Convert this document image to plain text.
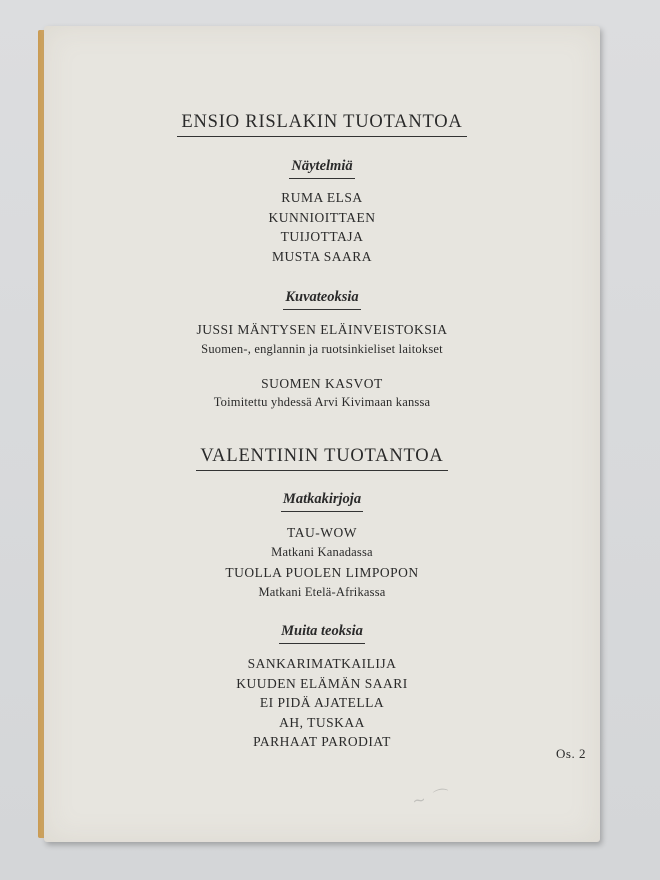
ENSIO RISLAKIN TUOTANTOA
Näytelmiä
RUMA ELSA
KUNNIOITTAEN
TUIJOTTAJA
MUSTA SAARA
Kuvateoksia
JUSSI MÄNTYSEN ELÄINVEISTOKSIA
Suomen-, englannin ja ruotsinkieliset laitokset
SUOMEN KASVOT
Toimitettu yhdessä Arvi Kivimaan kanssa
VALENTININ TUOTANTOA
Matkakirjoja
TAU-WOW
Matkani Kanadassa
TUOLLA PUOLEN LIMPOPON
Matkani Etelä-Afrikassa
Muita teoksia
SANKARIMATKAILIJA
KUUDEN ELÄMÄN SAARI
EI PIDÄ AJATELLA
AH, TUSKAA
PARHAAT PARODIAT
Os. 2
~ ⌒
